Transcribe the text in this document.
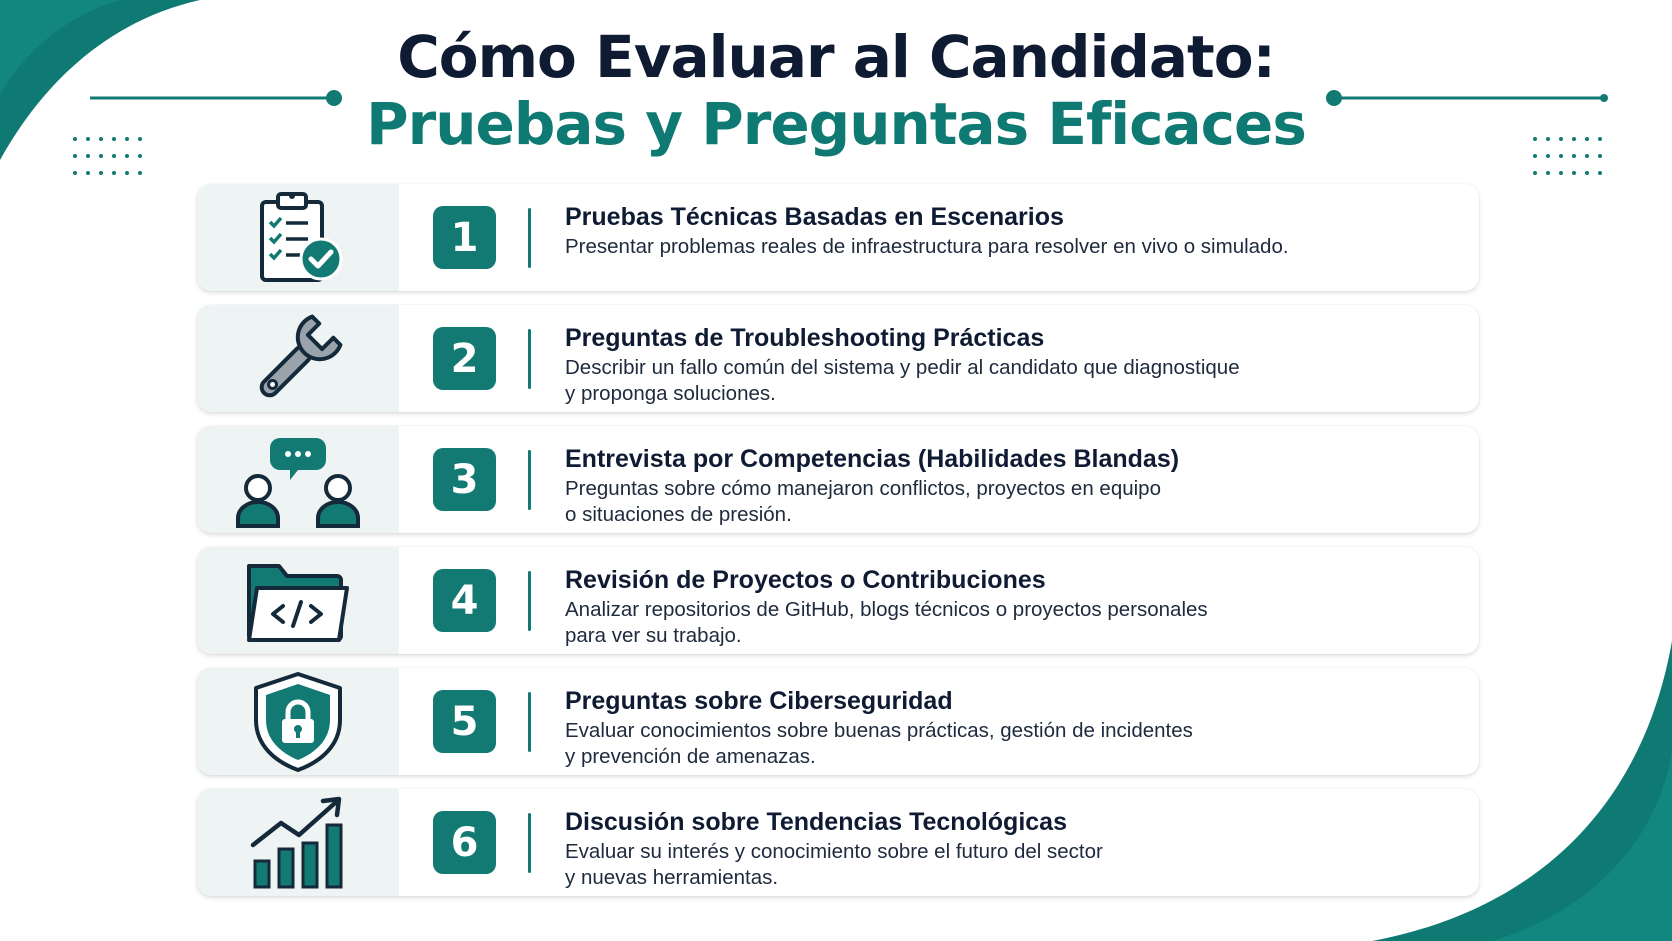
Cómo Evaluar al Candidato:
Pruebas y Preguntas Eficaces
1	Pruebas Técnicas Basadas en Escenarios
Presentar problemas reales de infraestructura para resolver en vivo o simulado.
2	Preguntas de Troubleshooting Prácticas
Describir un fallo común del sistema y pedir al candidato que diagnostique
y proponga soluciones.
3	Entrevista por Competencias (Habilidades Blandas)
Preguntas sobre cómo manejaron conflictos, proyectos en equipo
o situaciones de presión.
4	Revisión de Proyectos o Contribuciones
Analizar repositorios de GitHub, blogs técnicos o proyectos personales
para ver su trabajo.
5	Preguntas sobre Ciberseguridad
Evaluar conocimientos sobre buenas prácticas, gestión de incidentes
y prevención de amenazas.
6	Discusión sobre Tendencias Tecnológicas
Evaluar su interés y conocimiento sobre el futuro del sector
y nuevas herramientas.
